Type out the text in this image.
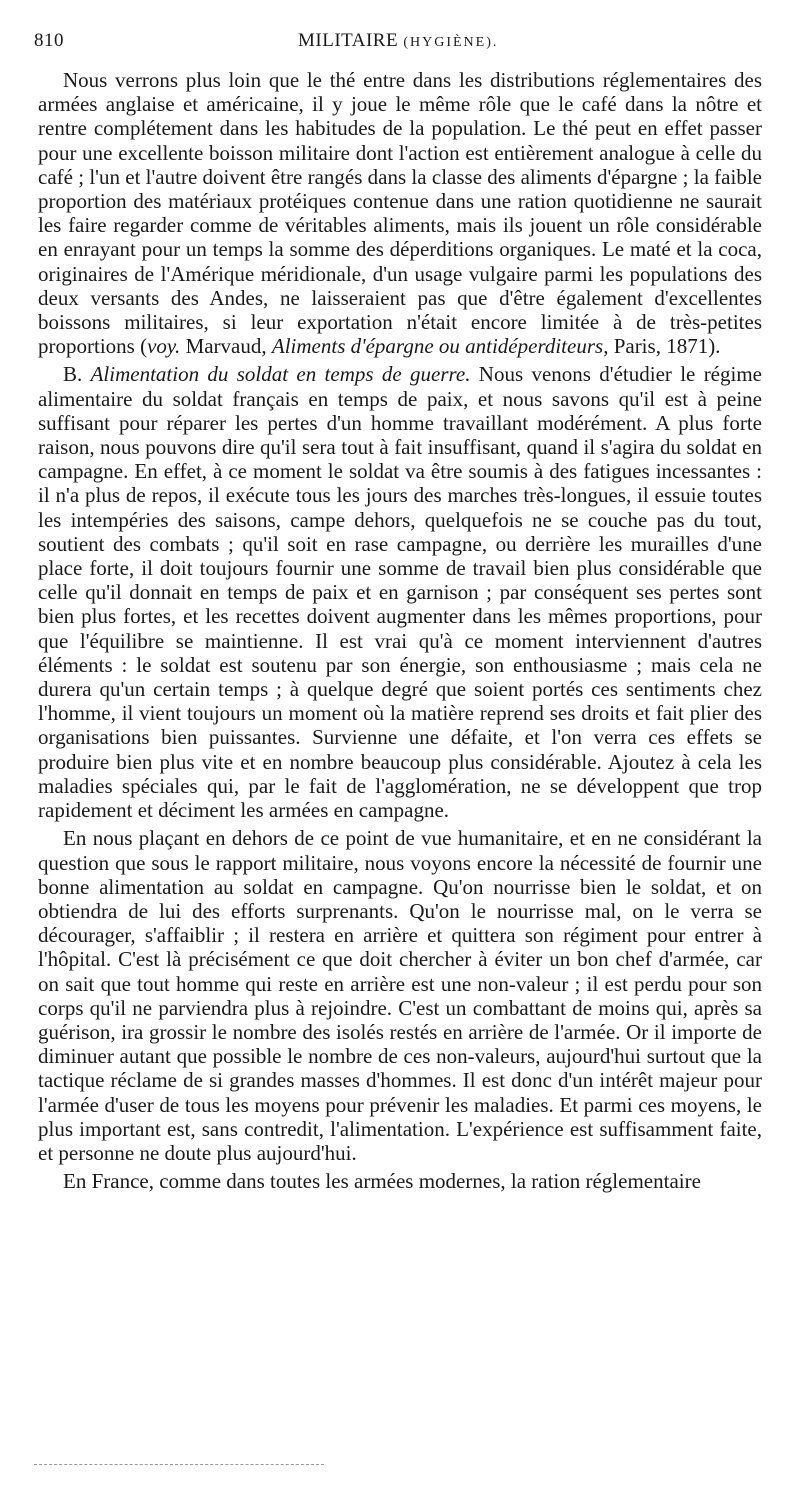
810	MILITAIRE (HYGIÈNE).

Nous verrons plus loin que le thé entre dans les distributions réglementaires des armées anglaise et américaine, il y joue le même rôle que le café dans la nôtre et rentre complétement dans les habitudes de la population. Le thé peut en effet passer pour une excellente boisson militaire dont l'action est entièrement analogue à celle du café ; l'un et l'autre doivent être rangés dans la classe des aliments d'épargne ; la faible proportion des matériaux protéiques contenue dans une ration quotidienne ne saurait les faire regarder comme de véritables aliments, mais ils jouent un rôle considérable en enrayant pour un temps la somme des déperditions organiques. Le maté et la coca, originaires de l'Amérique méridionale, d'un usage vulgaire parmi les populations des deux versants des Andes, ne laisseraient pas que d'être également d'excellentes boissons militaires, si leur exportation n'était encore limitée à de très-petites proportions (voy. Marvaud, Aliments d'épargne ou antidéperditeurs, Paris, 1871).

B. Alimentation du soldat en temps de guerre. Nous venons d'étudier le régime alimentaire du soldat français en temps de paix, et nous savons qu'il est à peine suffisant pour réparer les pertes d'un homme travaillant modérément. A plus forte raison, nous pouvons dire qu'il sera tout à fait insuffisant, quand il s'agira du soldat en campagne. En effet, à ce moment le soldat va être soumis à des fatigues incessantes : il n'a plus de repos, il exécute tous les jours des marches très-longues, il essuie toutes les intempéries des saisons, campe dehors, quelquefois ne se couche pas du tout, soutient des combats ; qu'il soit en rase campagne, ou derrière les murailles d'une place forte, il doit toujours fournir une somme de travail bien plus considérable que celle qu'il donnait en temps de paix et en garnison ; par conséquent ses pertes sont bien plus fortes, et les recettes doivent augmenter dans les mêmes proportions, pour que l'équilibre se maintienne. Il est vrai qu'à ce moment interviennent d'autres éléments : le soldat est soutenu par son énergie, son enthousiasme ; mais cela ne durera qu'un certain temps ; à quelque degré que soient portés ces sentiments chez l'homme, il vient toujours un moment où la matière reprend ses droits et fait plier des organisations bien puissantes. Survienne une défaite, et l'on verra ces effets se produire bien plus vite et en nombre beaucoup plus considérable. Ajoutez à cela les maladies spéciales qui, par le fait de l'agglomération, ne se développent que trop rapidement et déciment les armées en campagne.

En nous plaçant en dehors de ce point de vue humanitaire, et en ne considérant la question que sous le rapport militaire, nous voyons encore la nécessité de fournir une bonne alimentation au soldat en campagne. Qu'on nourrisse bien le soldat, et on obtiendra de lui des efforts surprenants. Qu'on le nourrisse mal, on le verra se décourager, s'affaiblir ; il restera en arrière et quittera son régiment pour entrer à l'hôpital. C'est là précisément ce que doit chercher à éviter un bon chef d'armée, car on sait que tout homme qui reste en arrière est une non-valeur ; il est perdu pour son corps qu'il ne parviendra plus à rejoindre. C'est un combattant de moins qui, après sa guérison, ira grossir le nombre des isolés restés en arrière de l'armée. Or il importe de diminuer autant que possible le nombre de ces non-valeurs, aujourd'hui surtout que la tactique réclame de si grandes masses d'hommes. Il est donc d'un intérêt majeur pour l'armée d'user de tous les moyens pour prévenir les maladies. Et parmi ces moyens, le plus important est, sans contredit, l'alimentation. L'expérience est suffisamment faite, et personne ne doute plus aujourd'hui.

En France, comme dans toutes les armées modernes, la ration réglementaire
